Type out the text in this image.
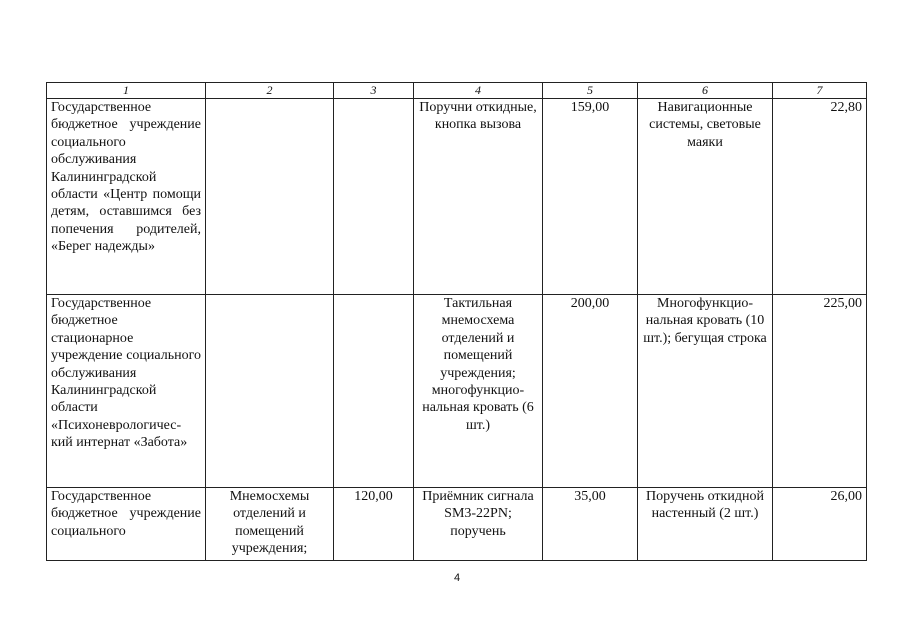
1	2	3	4	5	6	7

Государственное бюджетное учреждение социального обслуживания Калининградской области «Центр помощи детям, оставшимся без попечения родителей, «Берег надежды»			Поручни откидные, кнопка вызова	159,00	Навигационные системы, световые маяки	22,80

Государственное бюджетное стационарное учреждение социального обслуживания Калининградской области «Психоневрологичес-кий интернат «Забота»			Тактильная мнемосхема отделений и помещений учреждения; многофункцио-нальная кровать (6 шт.)	200,00	Многофункцио-нальная кровать (10 шт.); бегущая строка	225,00

Государственное бюджетное учреждение социального	Мнемосхемы отделений и помещений учреждения;	120,00	Приёмник сигнала SM3-22PN; поручень	35,00	Поручень откидной настенный (2 шт.)	26,00
4
